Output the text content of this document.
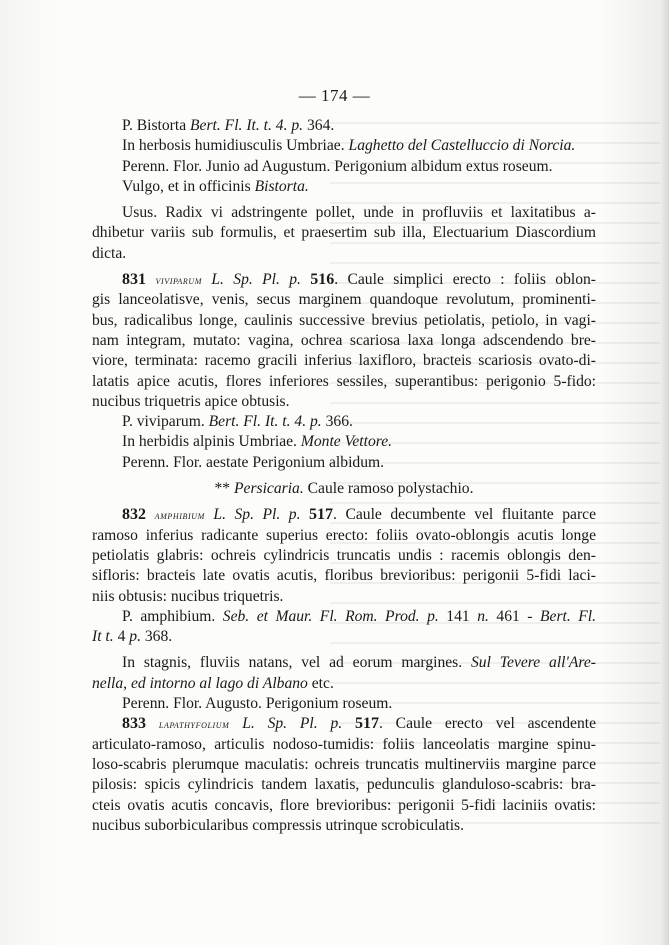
— 174 —
P. Bistorta Bert. Fl. It. t. 4. p. 364.
In herbosis humidiusculis Umbriae. Laghetto del Castelluccio di Norcia.
Perenn. Flor. Junio ad Augustum. Perigonium albidum extus roseum.
Vulgo, et in officinis Bistorta.
Usus. Radix vi adstringente pollet, unde in profluviis et laxitatibus a-
dhibetur variis sub formulis, et praesertim sub illa, Electuarium Diascordium
dicta.
831 viviparum L. Sp. Pl. p. 516. Caule simplici erecto : foliis oblon-
gis lanceolatisve, venis, secus marginem quandoque revolutum, prominenti-
bus, radicalibus longe, caulinis successive brevius petiolatis, petiolo, in vagi-
nam integram, mutato: vagina, ochrea scariosa laxa longa adscendendo bre-
viore, terminata: racemo gracili inferius laxifloro, bracteis scariosis ovato-di-
latatis apice acutis, flores inferiores sessiles, superantibus: perigonio 5-fido:
nucibus triquetris apice obtusis.
P. viviparum. Bert. Fl. It. t. 4. p. 366.
In herbidis alpinis Umbriae. Monte Vettore.
Perenn. Flor. aestate Perigonium albidum.
** Persicaria. Caule ramoso polystachio.
832 amphibium L. Sp. Pl. p. 517. Caule decumbente vel fluitante parce
ramoso inferius radicante superius erecto: foliis ovato-oblongis acutis longe
petiolatis glabris: ochreis cylindricis truncatis undis : racemis oblongis den-
sifloris: bracteis late ovatis acutis, floribus brevioribus: perigonii 5-fidi laci-
niis obtusis: nucibus triquetris.
P. amphibium. Seb. et Maur. Fl. Rom. Prod. p. 141 n. 461 - Bert. Fl.
It t. 4 p. 368.
In stagnis, fluviis natans, vel ad eorum margines. Sul Tevere all'Are-
nella, ed intorno al lago di Albano etc.
Perenn. Flor. Augusto. Perigonium roseum.
833 lapathyfolium L. Sp. Pl. p. 517. Caule erecto vel ascendente
articulato-ramoso, articulis nodoso-tumidis: foliis lanceolatis margine spinu-
loso-scabris plerumque maculatis: ochreis truncatis multinerviis margine parce
pilosis: spicis cylindricis tandem laxatis, pedunculis glanduloso-scabris: bra-
cteis ovatis acutis concavis, flore brevioribus: perigonii 5-fidi laciniis ovatis:
nucibus suborbicularibus compressis utrinque scrobiculatis.
